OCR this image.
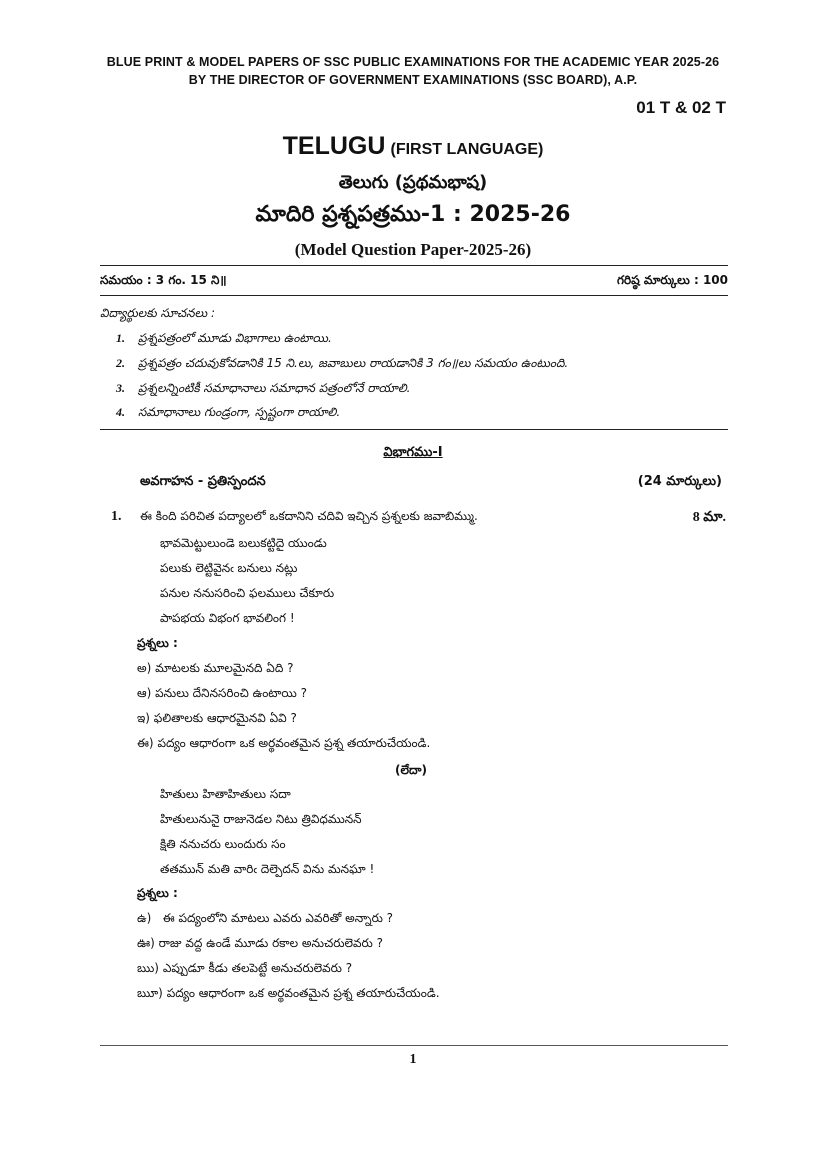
BLUE PRINT & MODEL PAPERS OF SSC PUBLIC EXAMINATIONS FOR THE ACADEMIC YEAR 2025-26
BY THE DIRECTOR OF GOVERNMENT EXAMINATIONS (SSC BOARD), A.P.
01 T & 02 T
TELUGU (FIRST LANGUAGE)
తెలుగు (ప్రథమభాష)
మాదిరి ప్రశ్నపత్రము-1 : 2025-26
(Model Question Paper-2025-26)
సమయం : 3 గం. 15 ని॥	గరిష్ఠ మార్కులు : 100
విద్యార్థులకు సూచనలు :
1. ప్రశ్నపత్రంలో మూడు విభాగాలు ఉంటాయి.
2. ప్రశ్నపత్రం చదువుకోవడానికి 15 ని.లు, జవాబులు రాయడానికి 3 గం॥లు సమయం ఉంటుంది.
3. ప్రశ్నలన్నింటికీ సమాధానాలు సమాధాన పత్రంలోనే రాయాలి.
4. సమాధానాలు గుండ్రంగా, స్పష్టంగా రాయాలి.
విభాగము-I
అవగాహన - ప్రతిస్పందన	(24 మార్కులు)
1. ఈ కింది పరిచిత పద్యాలలో ఒకదానిని చదివి ఇచ్చిన ప్రశ్నలకు జవాబిమ్ము.	8 మా.
భావమెట్టులుండె బలుకట్టిదై యుండు
పలుకు లెట్టివైనఁ బనులు నట్లు
పనుల ననుసరించి ఫలములు చేకూరు
పాపభయ విభంగ భావలింగ !
ప్రశ్నలు :
అ) మాటలకు మూలమైనది ఏది ?
ఆ) పనులు దేనినసరించి ఉంటాయి ?
ఇ) ఫలితాలకు ఆధారమైనవి ఏవి ?
ఈ) పద్యం ఆధారంగా ఒక అర్థవంతమైన ప్రశ్న తయారుచేయండి.
(లేదా)
హితులు హితాహితులు సదా
హితులునునై రాజునెడల నిటు త్రివిధమునన్
క్షితి ననుచరు లుందురు సం
తతమున్ మతి వారిఁ దెల్పెదన్ విను మనఘా !
ప్రశ్నలు :
ఉ) ఈ పద్యంలోని మాటలు ఎవరు ఎవరితో అన్నారు ?
ఊ) రాజు వద్ద ఉండే మూడు రకాల అనుచరులెవరు ?
ఋ) ఎప్పుడూ కీడు తలపెట్టే అనుచరులెవరు ?
ౠ) పద్యం ఆధారంగా ఒక అర్థవంతమైన ప్రశ్న తయారుచేయండి.
1
